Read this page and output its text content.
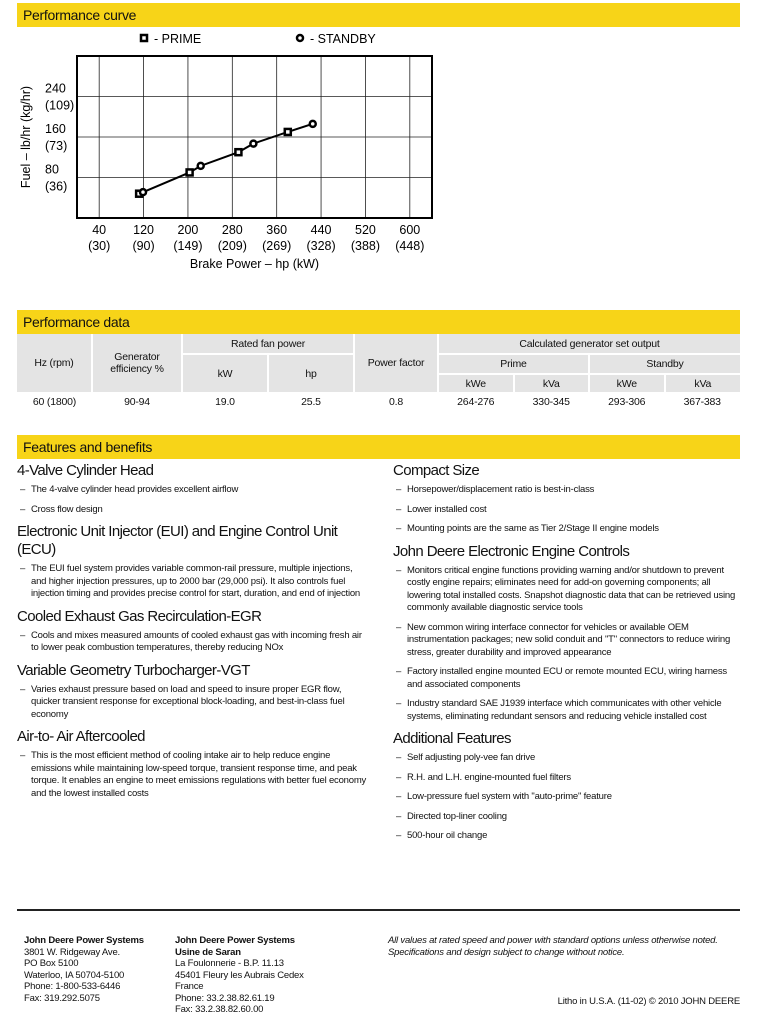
Performance curve
Performance data
Features and benefits
40
(30)
120
(90)
200
(149)
280
(209)
360
(269)
440
(328)
520
(388)
600
(448)
240
(109)
160
(73)
80
(36)
Brake Power – hp (kW)
Fuel – lb/hr (kg/hr)
- PRIME	- STANDBY
Hz (rpm)	Generator efficiency %	Rated fan power		Power factor	Calculated generator set output			
		kW	hp		Prime		Standby	
					kWe	kVa	kWe	kVa
60 (1800)	90-94	19.0	25.5	0.8	264-276	330-345	293-306	367-383
4-Valve Cylinder Head
– The 4-valve cylinder head provides excellent airflow
– Cross flow design
Electronic Unit Injector (EUI) and Engine Control Unit (ECU)
– The EUI fuel system provides variable common-rail pressure, multiple injections, and higher injection pressures, up to 2000 bar (29,000 psi). It also controls fuel injection timing and provides precise control for start, duration, and end of injection
Cooled Exhaust Gas Recirculation-EGR
– Cools and mixes measured amounts of cooled exhaust gas with incoming fresh air to lower peak combustion temperatures, thereby reducing NOx
Variable Geometry Turbocharger-VGT
– Varies exhaust pressure based on load and speed to insure proper EGR flow, quicker transient response for exceptional block-loading, and best-in-class fuel economy
Air-to- Air Aftercooled
– This is the most efficient method of cooling intake air to help reduce engine emissions while maintaining low-speed torque, transient response time, and peak torque. It enables an engine to meet emissions regulations with better fuel economy and the lowest installed costs
Compact Size
– Horsepower/displacement ratio is best-in-class
– Lower installed cost
– Mounting points are the same as Tier 2/Stage II engine models
John Deere Electronic Engine Controls
– Monitors critical engine functions providing warning and/or shutdown to prevent costly engine repairs; eliminates need for add-on governing components; all lowering total installed costs. Snapshot diagnostic data that can be retrieved using commonly available diagnostic service tools
– New common wiring interface connector for vehicles or available OEM instrumentation packages; new solid conduit and "T" connectors to reduce wiring stress, greater durability and improved appearance
– Factory installed engine mounted ECU or remote mounted ECU, wiring harness and associated components
– Industry standard SAE J1939 interface which communicates with other vehicle systems, eliminating redundant sensors and reducing vehicle installed cost
Additional Features
– Self adjusting poly-vee fan drive
– R.H. and L.H. engine-mounted fuel filters
– Low-pressure fuel system with "auto-prime" feature
– Directed top-liner cooling
– 500-hour oil change
John Deere Power Systems
3801 W. Ridgeway Ave.
PO Box 5100
Waterloo, IA 50704-5100
Phone: 1-800-533-6446
Fax: 319.292.5075
John Deere Power Systems
Usine de Saran
La Foulonnerie - B.P. 11.13
45401 Fleury les Aubrais Cedex
France
Phone: 33.2.38.82.61.19
Fax: 33.2.38.82.60.00
All values at rated speed and power with standard options unless otherwise noted.
Specifications and design subject to change without notice.
Litho in U.S.A. (11-02) © 2010 JOHN DEERE
